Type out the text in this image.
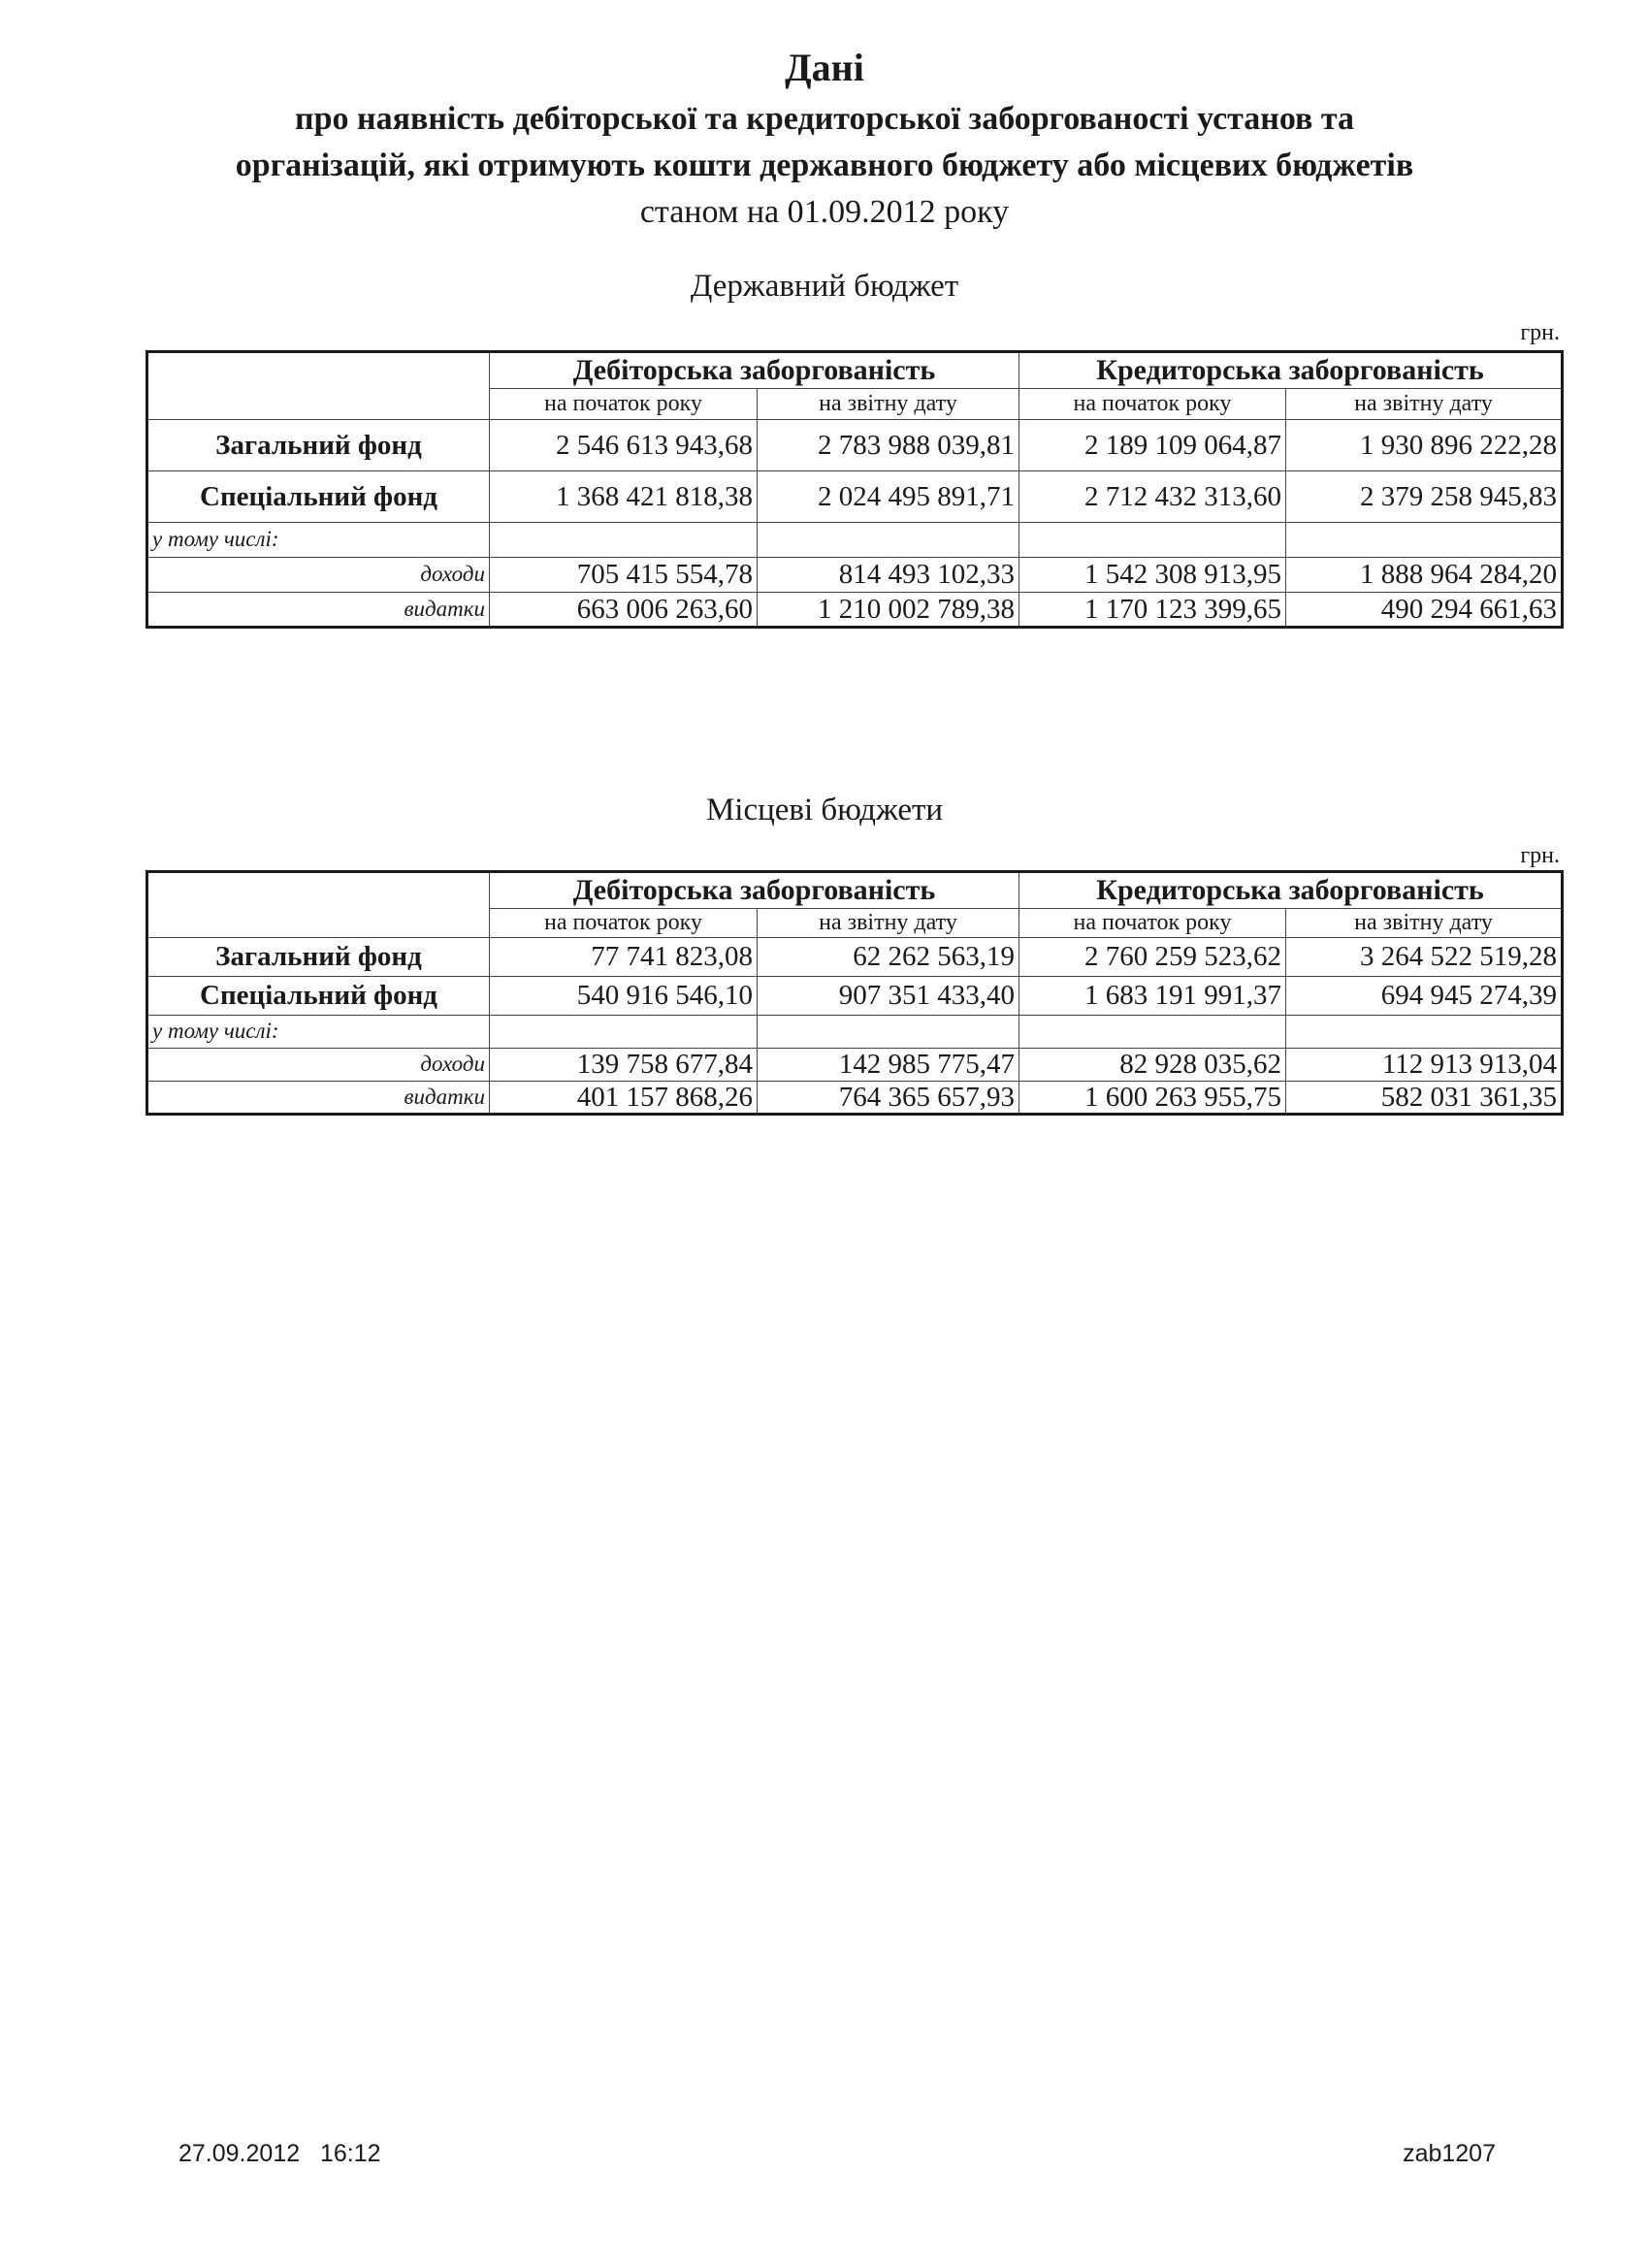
Дані
про наявність дебіторської та кредиторської заборгованості установ та
організацій, які отримують кошти державного бюджету або місцевих бюджетів
станом на 01.09.2012 року
Державний бюджет
грн.
	Дебіторська заборгованість		Кредиторська заборгованість	
	на початок року	на звітну дату	на початок року	на звітну дату
Загальний фонд	2 546 613 943,68	2 783 988 039,81	2 189 109 064,87	1 930 896 222,28
Спеціальний фонд	1 368 421 818,38	2 024 495 891,71	2 712 432 313,60	2 379 258 945,83
у тому числі:				
доходи	705 415 554,78	814 493 102,33	1 542 308 913,95	1 888 964 284,20
видатки	663 006 263,60	1 210 002 789,38	1 170 123 399,65	490 294 661,63
Місцеві бюджети
грн.
	Дебіторська заборгованість		Кредиторська заборгованість	
	на початок року	на звітну дату	на початок року	на звітну дату
Загальний фонд	77 741 823,08	62 262 563,19	2 760 259 523,62	3 264 522 519,28
Спеціальний фонд	540 916 546,10	907 351 433,40	1 683 191 991,37	694 945 274,39
у тому числі:				
доходи	139 758 677,84	142 985 775,47	82 928 035,62	112 913 913,04
видатки	401 157 868,26	764 365 657,93	1 600 263 955,75	582 031 361,35
27.09.2012   16:12	zab1207
